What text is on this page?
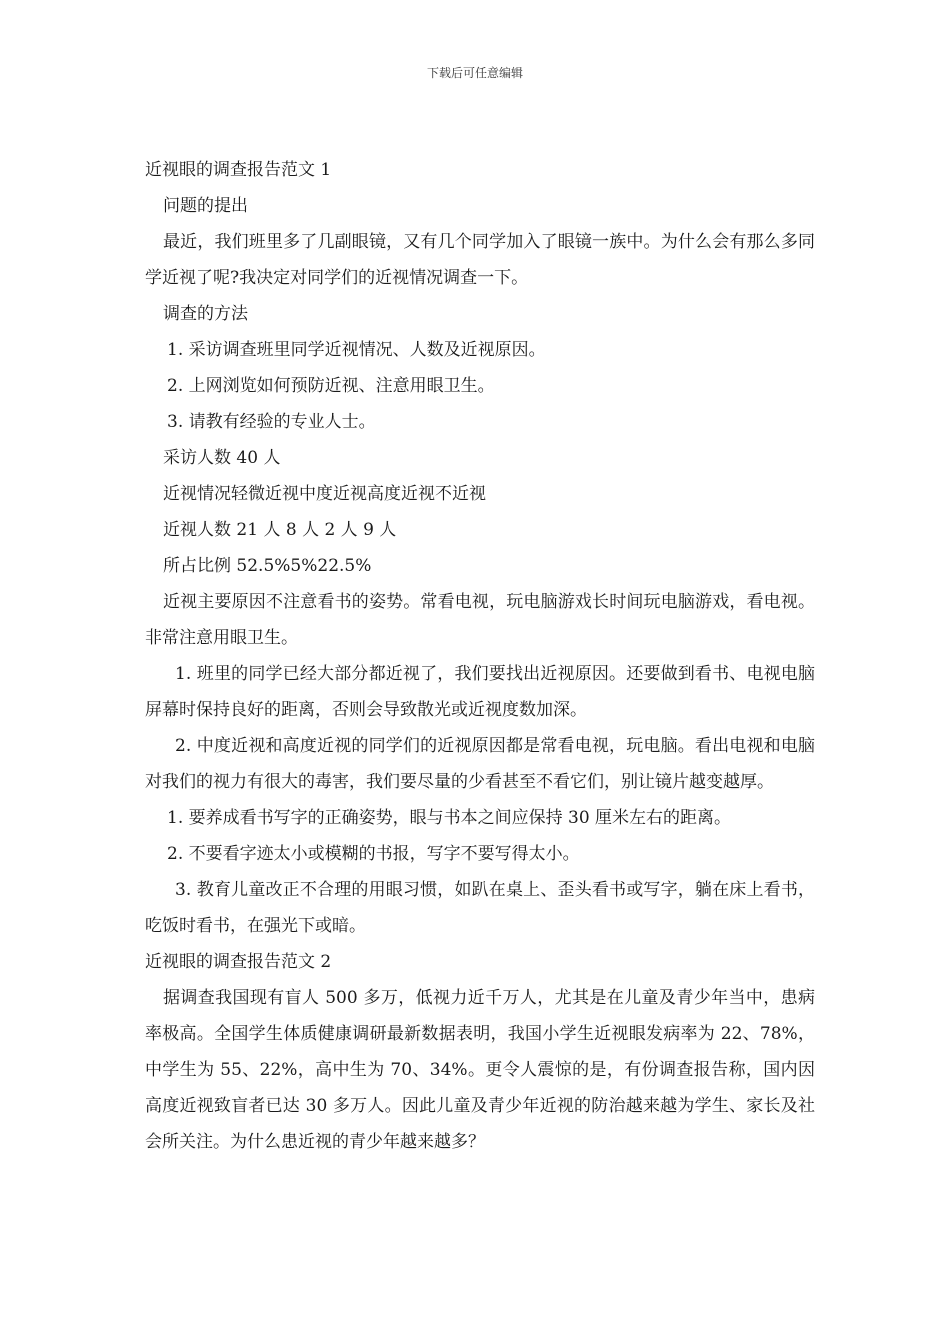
下载后可任意编辑

近视眼的调查报告范文 1

问题的提出

最近，我们班里多了几副眼镜，又有几个同学加入了眼镜一族中。为什么会有那么多同学近视了呢?我决定对同学们的近视情况调查一下。

调查的方法

1. 采访调查班里同学近视情况、人数及近视原因。

2. 上网浏览如何预防近视、注意用眼卫生。

3. 请教有经验的专业人士。

采访人数 40 人

近视情况轻微近视中度近视高度近视不近视

近视人数 21 人 8 人 2 人 9 人

所占比例 52.5%5%22.5%

近视主要原因不注意看书的姿势。常看电视，玩电脑游戏长时间玩电脑游戏，看电视。非常注意用眼卫生。

1. 班里的同学已经大部分都近视了，我们要找出近视原因。还要做到看书、电视电脑屏幕时保持良好的距离，否则会导致散光或近视度数加深。

2. 中度近视和高度近视的同学们的近视原因都是常看电视，玩电脑。看出电视和电脑对我们的视力有很大的毒害，我们要尽量的少看甚至不看它们，别让镜片越变越厚。

1. 要养成看书写字的正确姿势，眼与书本之间应保持 30 厘米左右的距离。

2. 不要看字迹太小或模糊的书报，写字不要写得太小。

3. 教育儿童改正不合理的用眼习惯，如趴在桌上、歪头看书或写字，躺在床上看书，吃饭时看书，在强光下或暗。

近视眼的调查报告范文 2

据调查我国现有盲人 500 多万，低视力近千万人，尤其是在儿童及青少年当中，患病率极高。全国学生体质健康调研最新数据表明，我国小学生近视眼发病率为 22、78%，中学生为 55、22%，高中生为 70、34%。更令人震惊的是，有份调查报告称，国内因高度近视致盲者已达 30 多万人。因此儿童及青少年近视的防治越来越为学生、家长及社会所关注。为什么患近视的青少年越来越多？
